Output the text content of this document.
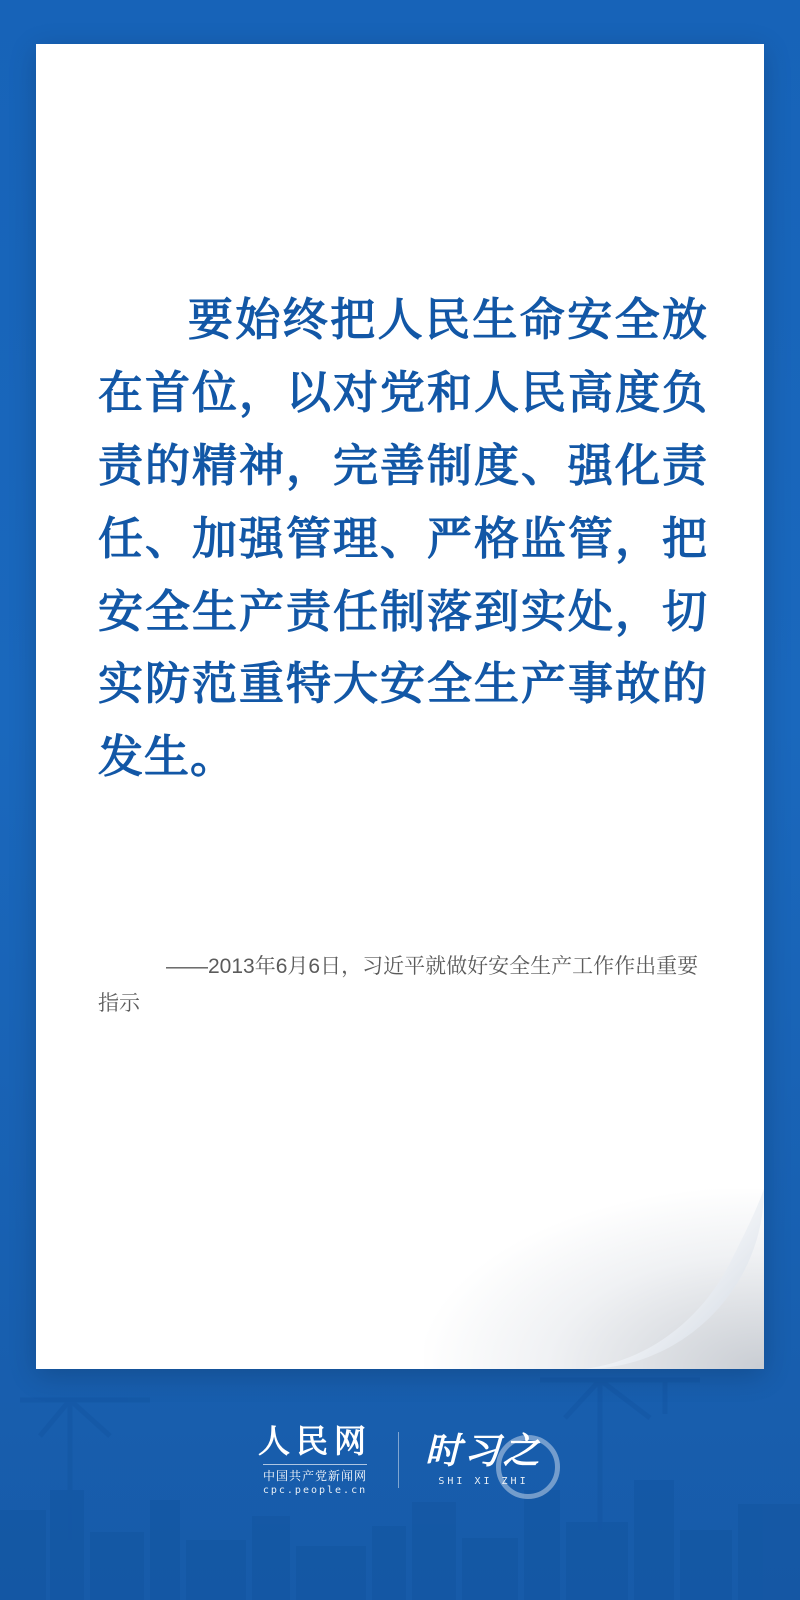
要始终把人民生命安全放在首位，以对党和人民高度负责的精神，完善制度、强化责任、加强管理、严格监管，把安全生产责任制落到实处，切实防范重特大安全生产事故的发生。
——2013年6月6日，习近平就做好安全生产工作作出重要指示
人民网
中国共产党新闻网
cpc.people.cn
时习之
SHI XI ZHI
